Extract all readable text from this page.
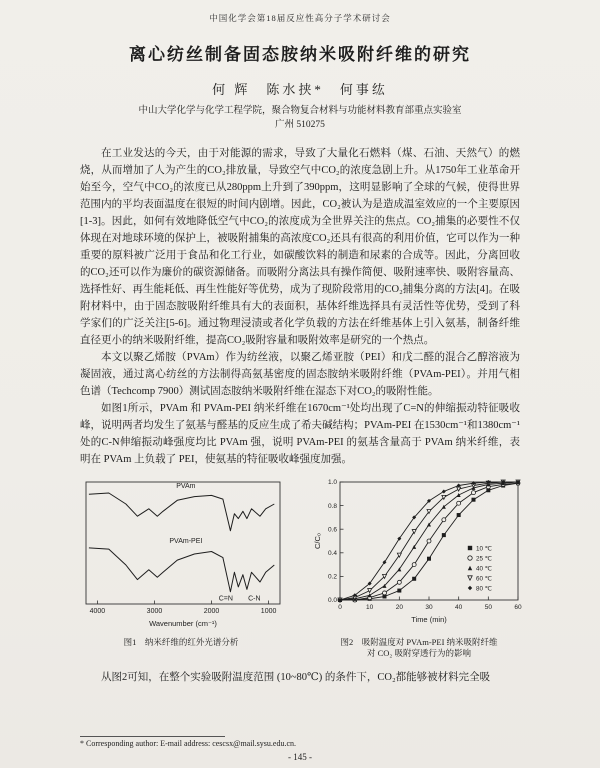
中国化学会第18届反应性高分子学术研讨会
离心纺丝制备固态胺纳米吸附纤维的研究
何 辉　陈水挟*　何事纮
中山大学化学与化学工程学院，聚合物复合材料与功能材料教育部重点实验室
广州 510275

在工业发达的今天，由于对能源的需求，导致了大量化石燃料（煤、石油、天然气）的燃烧，从而增加了人为产生的CO₂排放量，导致空气中CO₂的浓度急剧上升。从1750年工业革命开始至今，空气中CO₂的浓度已从280ppm上升到了390ppm，这明显影响了全球的气候，使得世界范围内的平均表面温度在很短的时间内剧增。因此，CO₂被认为是造成温室效应的一个主要原因[1-3]。因此，如何有效地降低空气中CO₂的浓度成为全世界关注的焦点。CO₂捕集的必要性不仅体现在对地球环境的保护上，被吸附捕集的高浓度CO₂还具有很高的利用价值，它可以作为一种重要的原料被广泛用于食品和化工行业，如碳酸饮料的制造和尿素的合成等。因此，分离回收的CO₂还可以作为廉价的碳资源储备。而吸附分离法具有操作简便、吸附速率快、吸附容量高、选择性好、再生能耗低、再生性能好等优势，成为了现阶段常用的CO₂捕集分离的方法[4]。在吸附材料中，由于固态胺吸附纤维具有大的表面积，基体纤维选择具有灵活性等优势，受到了科学家们的广泛关注[5-6]。通过物理浸渍或者化学负载的方法在纤维基体上引入氨基，制备纤维直径更小的纳米吸附纤维，提高CO₂吸附容量和吸附效率是研究的一个热点。

本文以聚乙烯胺（PVAm）作为纺丝液，以聚乙烯亚胺（PEI）和戊二醛的混合乙醇溶液为凝固液，通过离心纺丝的方法制得高氨基密度的固态胺纳米吸附纤维（PVAm-PEI）。并用气相色谱（Techcomp 7900）测试固态胺纳米吸附纤维在湿态下对CO₂的吸附性能。

如图1所示，PVAm 和 PVAm-PEI 纳米纤维在1670cm⁻¹处均出现了C=N的伸缩振动特征吸收峰，说明两者均发生了氨基与醛基的反应生成了希夫碱结构；PVAm-PEI 在1530cm⁻¹和1380cm⁻¹处的C-N伸缩振动峰强度均比 PVAm 强，说明 PVAm-PEI 的氨基含量高于 PVAm 纳米纤维，表明在 PVAm 上负载了 PEI，使氨基的特征吸收峰强度加强。

4000	3000	2000	1000
PVAm
PVAm-PEI
C=N C-N
Wavenumber (cm⁻¹)
图1　纳米纤维的红外光谱分析
0	10	20	30	40	50	60
0.0
0.2
0.4
0.6
0.8
1.0
10 ℃
25 ℃
40 ℃
60 ℃
80 ℃
Time (min)
C/C₀
图2　吸附温度对 PVAm-PEI 纳米吸附纤维
对 CO₂ 吸附穿透行为的影响

从图2可知，在整个实验吸附温度范围 (10~80℃) 的条件下，CO₂都能够被材料完全吸

* Corresponding author: E-mail address: cescsx@mail.sysu.edu.cn.
- 145 -
